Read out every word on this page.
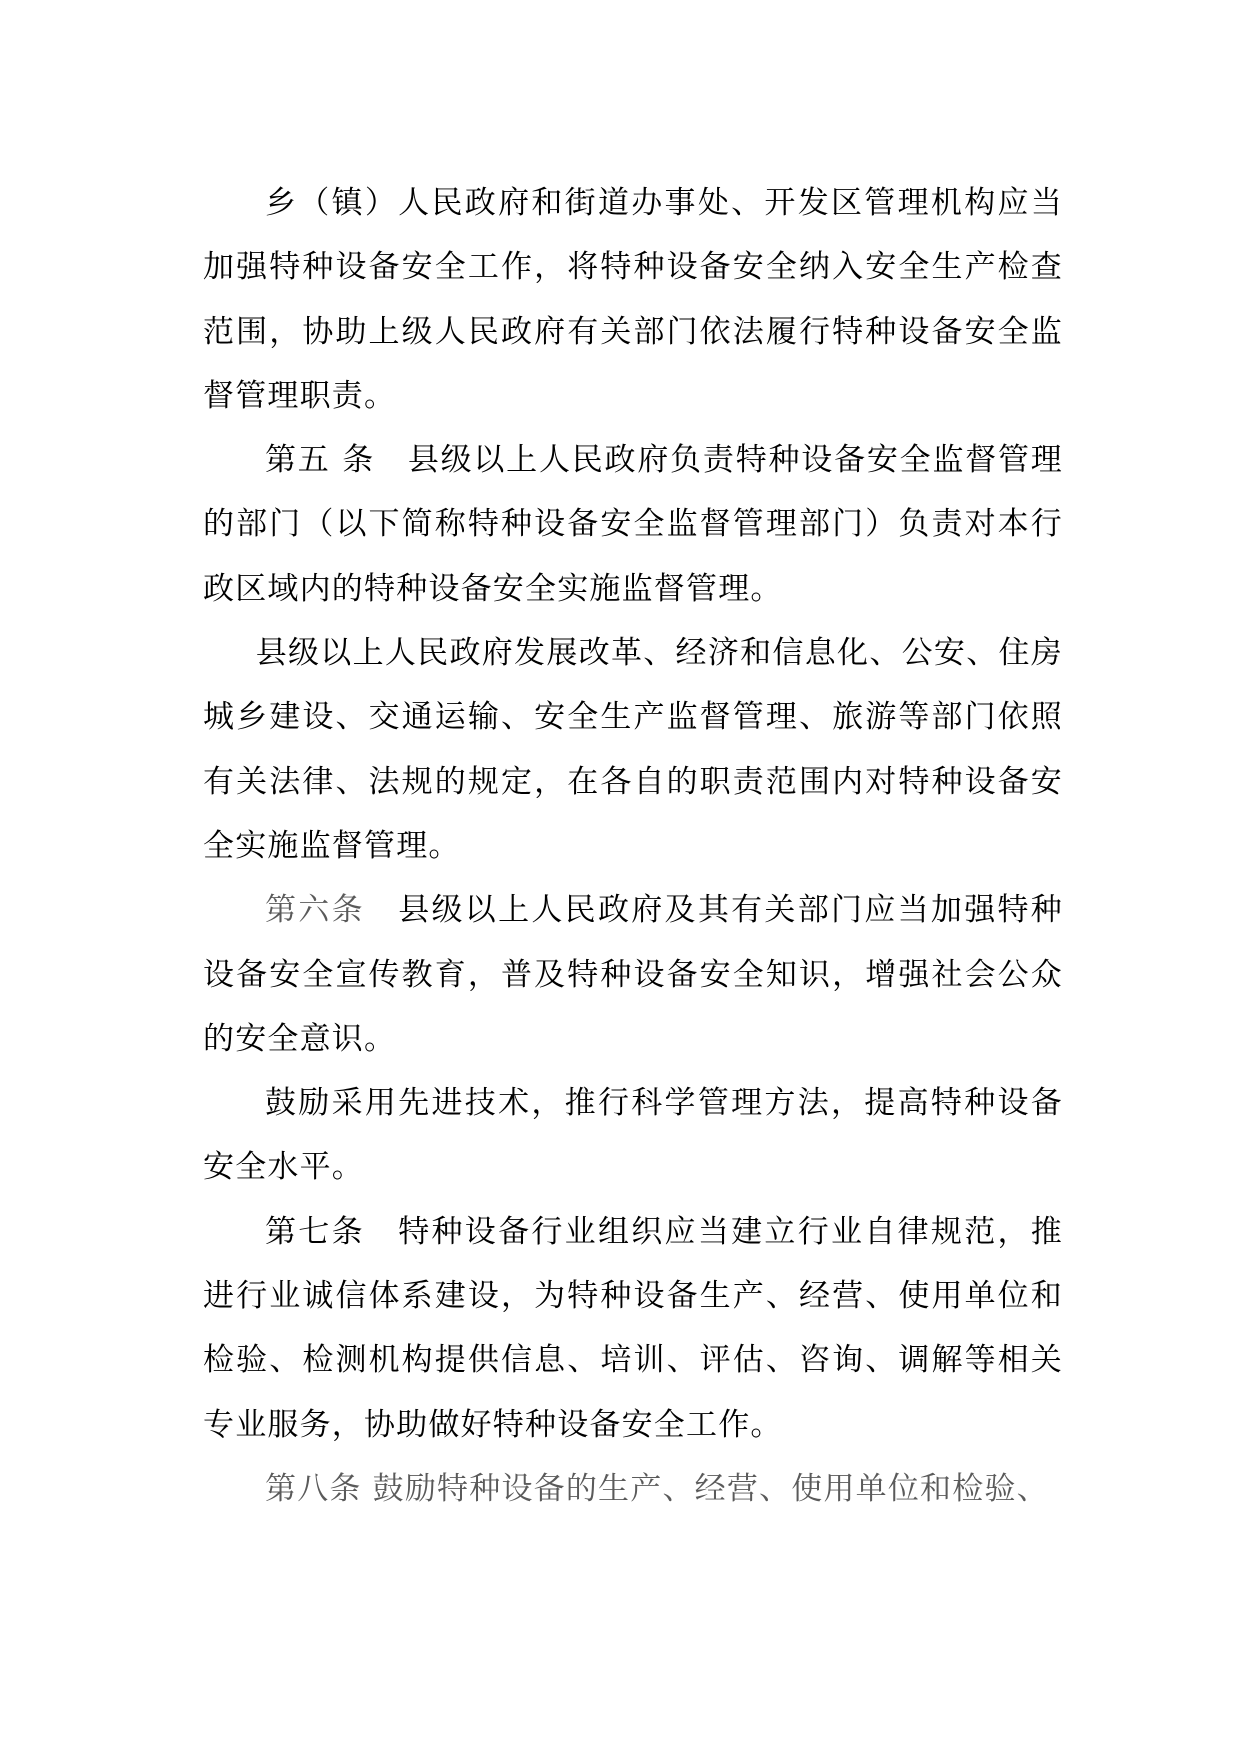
乡（镇）人民政府和街道办事处、开发区管理机构应当加强特种设备安全工作，将特种设备安全纳入安全生产检查范围，协助上级人民政府有关部门依法履行特种设备安全监督管理职责。

第五 条　县级以上人民政府负责特种设备安全监督管理的部门（以下简称特种设备安全监督管理部门）负责对本行政区域内的特种设备安全实施监督管理。

县级以上人民政府发展改革、经济和信息化、公安、住房城乡建设、交通运输、安全生产监督管理、旅游等部门依照有关法律、法规的规定，在各自的职责范围内对特种设备安全实施监督管理。

第六条　县级以上人民政府及其有关部门应当加强特种设备安全宣传教育，普及特种设备安全知识，增强社会公众的安全意识。

鼓励采用先进技术，推行科学管理方法，提高特种设备安全水平。

第七条　特种设备行业组织应当建立行业自律规范，推进行业诚信体系建设，为特种设备生产、经营、使用单位和检验、检测机构提供信息、培训、评估、咨询、调解等相关专业服务，协助做好特种设备安全工作。

第八条 鼓励特种设备的生产、经营、使用单位和检验、
